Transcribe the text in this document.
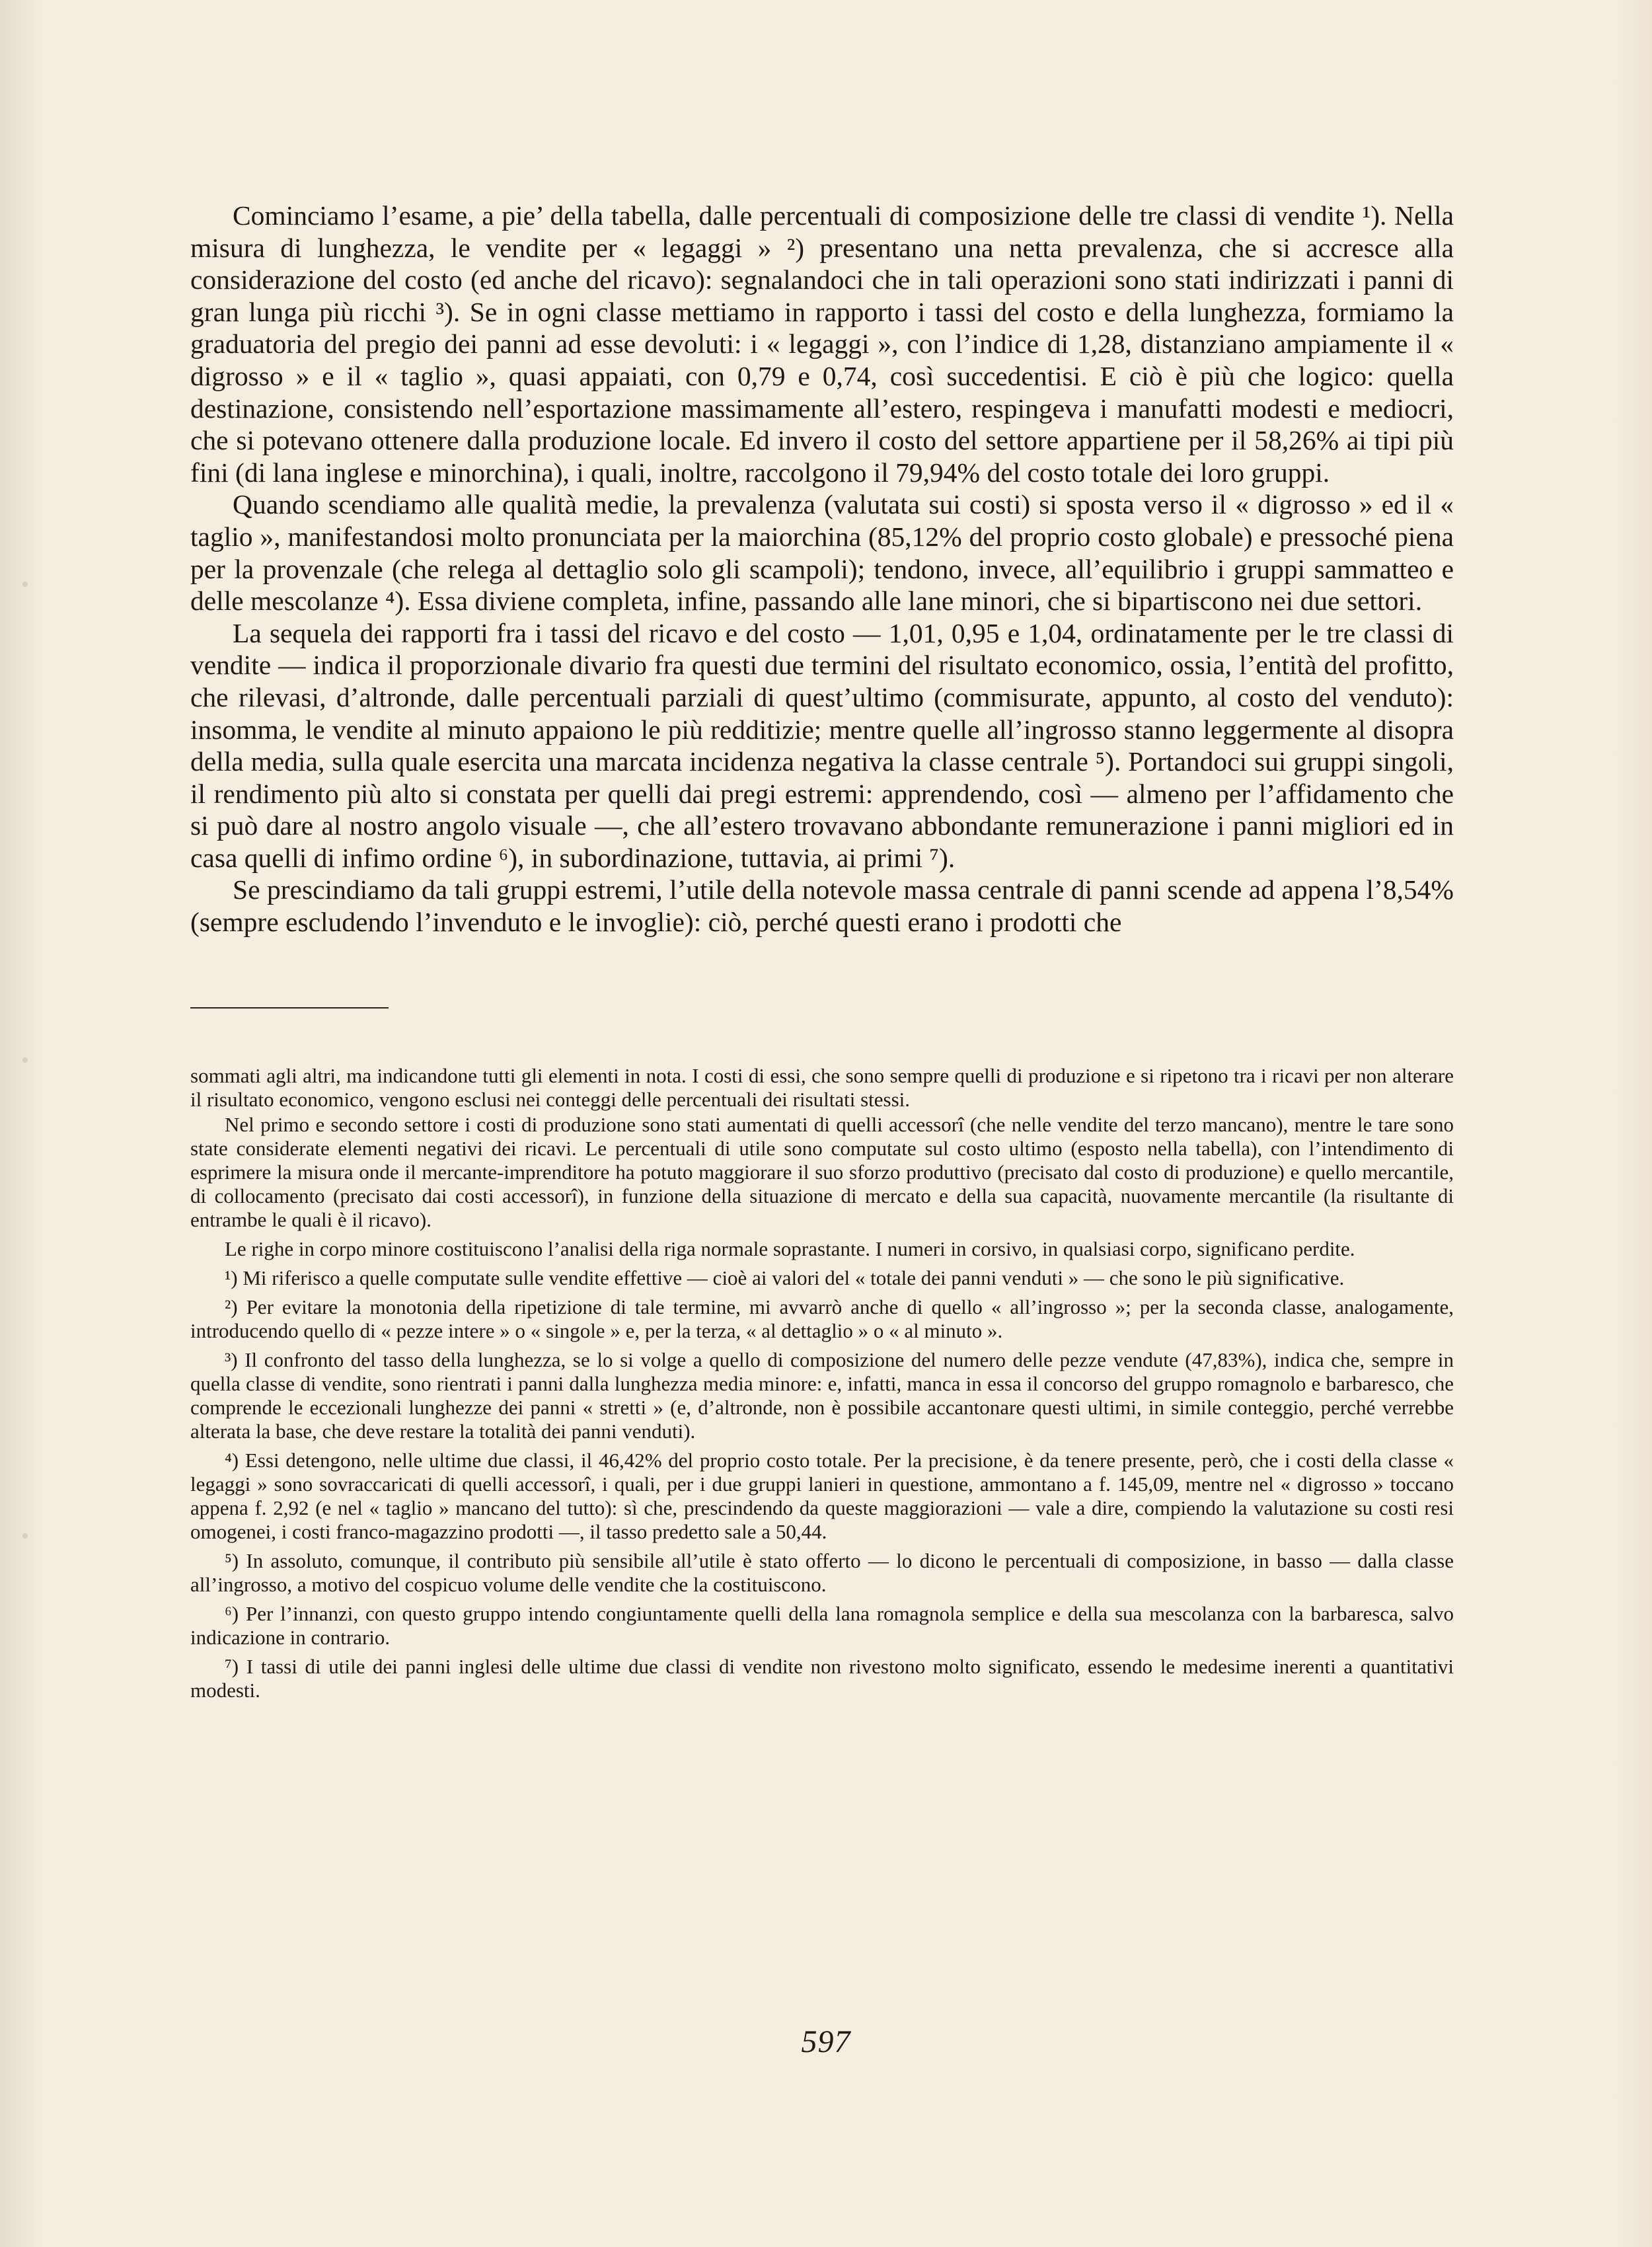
Cominciamo l’esame, a pie’ della tabella, dalle percentuali di composizione delle tre classi di vendite ¹). Nella misura di lunghezza, le vendite per « legaggi » ²) presentano una netta prevalenza, che si accresce alla considerazione del costo (ed anche del ricavo): segnalandoci che in tali operazioni sono stati indirizzati i panni di gran lunga più ricchi ³). Se in ogni classe mettiamo in rapporto i tassi del costo e della lunghezza, formiamo la graduatoria del pregio dei panni ad esse devoluti: i « legaggi », con l’indice di 1,28, distanziano ampiamente il « digrosso » e il « taglio », quasi appaiati, con 0,79 e 0,74, così succedentisi. E ciò è più che logico: quella destinazione, consistendo nell’esportazione massimamente all’estero, respingeva i manufatti modesti e mediocri, che si potevano ottenere dalla produzione locale. Ed invero il costo del settore appartiene per il 58,26% ai tipi più fini (di lana inglese e minorchina), i quali, inoltre, raccolgono il 79,94% del costo totale dei loro gruppi.

Quando scendiamo alle qualità medie, la prevalenza (valutata sui costi) si sposta verso il « digrosso » ed il « taglio », manifestandosi molto pronunciata per la maiorchina (85,12% del proprio costo globale) e pressoché piena per la provenzale (che relega al dettaglio solo gli scampoli); tendono, invece, all’equilibrio i gruppi sammatteo e delle mescolanze ⁴). Essa diviene completa, infine, passando alle lane minori, che si bipartiscono nei due settori.

La sequela dei rapporti fra i tassi del ricavo e del costo — 1,01, 0,95 e 1,04, ordinatamente per le tre classi di vendite — indica il proporzionale divario fra questi due termini del risultato economico, ossia, l’entità del profitto, che rilevasi, d’altronde, dalle percentuali parziali di quest’ultimo (commisurate, appunto, al costo del venduto): insomma, le vendite al minuto appaiono le più redditizie; mentre quelle all’ingrosso stanno leggermente al disopra della media, sulla quale esercita una marcata incidenza negativa la classe centrale ⁵). Portandoci sui gruppi singoli, il rendimento più alto si constata per quelli dai pregi estremi: apprendendo, così — almeno per l’affidamento che si può dare al nostro angolo visuale —, che all’estero trovavano abbondante remunerazione i panni migliori ed in casa quelli di infimo ordine ⁶), in subordinazione, tuttavia, ai primi ⁷).

Se prescindiamo da tali gruppi estremi, l’utile della notevole massa centrale di panni scende ad appena l’8,54% (sempre escludendo l’invenduto e le invoglie): ciò, perché questi erano i prodotti che

sommati agli altri, ma indicandone tutti gli elementi in nota. I costi di essi, che sono sempre quelli di produzione e si ripetono tra i ricavi per non alterare il risultato economico, vengono esclusi nei conteggi delle percentuali dei risultati stessi.

Nel primo e secondo settore i costi di produzione sono stati aumentati di quelli accessorî (che nelle vendite del terzo mancano), mentre le tare sono state considerate elementi negativi dei ricavi. Le percentuali di utile sono computate sul costo ultimo (esposto nella tabella), con l’intendimento di esprimere la misura onde il mercante-imprenditore ha potuto maggiorare il suo sforzo produttivo (precisato dal costo di produzione) e quello mercantile, di collocamento (precisato dai costi accessorî), in funzione della situazione di mercato e della sua capacità, nuovamente mercantile (la risultante di entrambe le quali è il ricavo).

Le righe in corpo minore costituiscono l’analisi della riga normale soprastante. I numeri in corsivo, in qualsiasi corpo, significano perdite.

¹) Mi riferisco a quelle computate sulle vendite effettive — cioè ai valori del « totale dei panni venduti » — che sono le più significative.

²) Per evitare la monotonia della ripetizione di tale termine, mi avvarrò anche di quello « all’ingrosso »; per la seconda classe, analogamente, introducendo quello di « pezze intere » o « singole » e, per la terza, « al dettaglio » o « al minuto ».

³) Il confronto del tasso della lunghezza, se lo si volge a quello di composizione del numero delle pezze vendute (47,83%), indica che, sempre in quella classe di vendite, sono rientrati i panni dalla lunghezza media minore: e, infatti, manca in essa il concorso del gruppo romagnolo e barbaresco, che comprende le eccezionali lunghezze dei panni « stretti » (e, d’altronde, non è possibile accantonare questi ultimi, in simile conteggio, perché verrebbe alterata la base, che deve restare la totalità dei panni venduti).

⁴) Essi detengono, nelle ultime due classi, il 46,42% del proprio costo totale. Per la precisione, è da tenere presente, però, che i costi della classe « legaggi » sono sovraccaricati di quelli accessorî, i quali, per i due gruppi lanieri in questione, ammontano a f. 145,09, mentre nel « digrosso » toccano appena f. 2,92 (e nel « taglio » mancano del tutto): sì che, prescindendo da queste maggiorazioni — vale a dire, compiendo la valutazione su costi resi omogenei, i costi franco-magazzino prodotti —, il tasso predetto sale a 50,44.

⁵) In assoluto, comunque, il contributo più sensibile all’utile è stato offerto — lo dicono le percentuali di composizione, in basso — dalla classe all’ingrosso, a motivo del cospicuo volume delle vendite che la costituiscono.

⁶) Per l’innanzi, con questo gruppo intendo congiuntamente quelli della lana romagnola semplice e della sua mescolanza con la barbaresca, salvo indicazione in contrario.

⁷) I tassi di utile dei panni inglesi delle ultime due classi di vendite non rivestono molto significato, essendo le medesime inerenti a quantitativi modesti.

597
